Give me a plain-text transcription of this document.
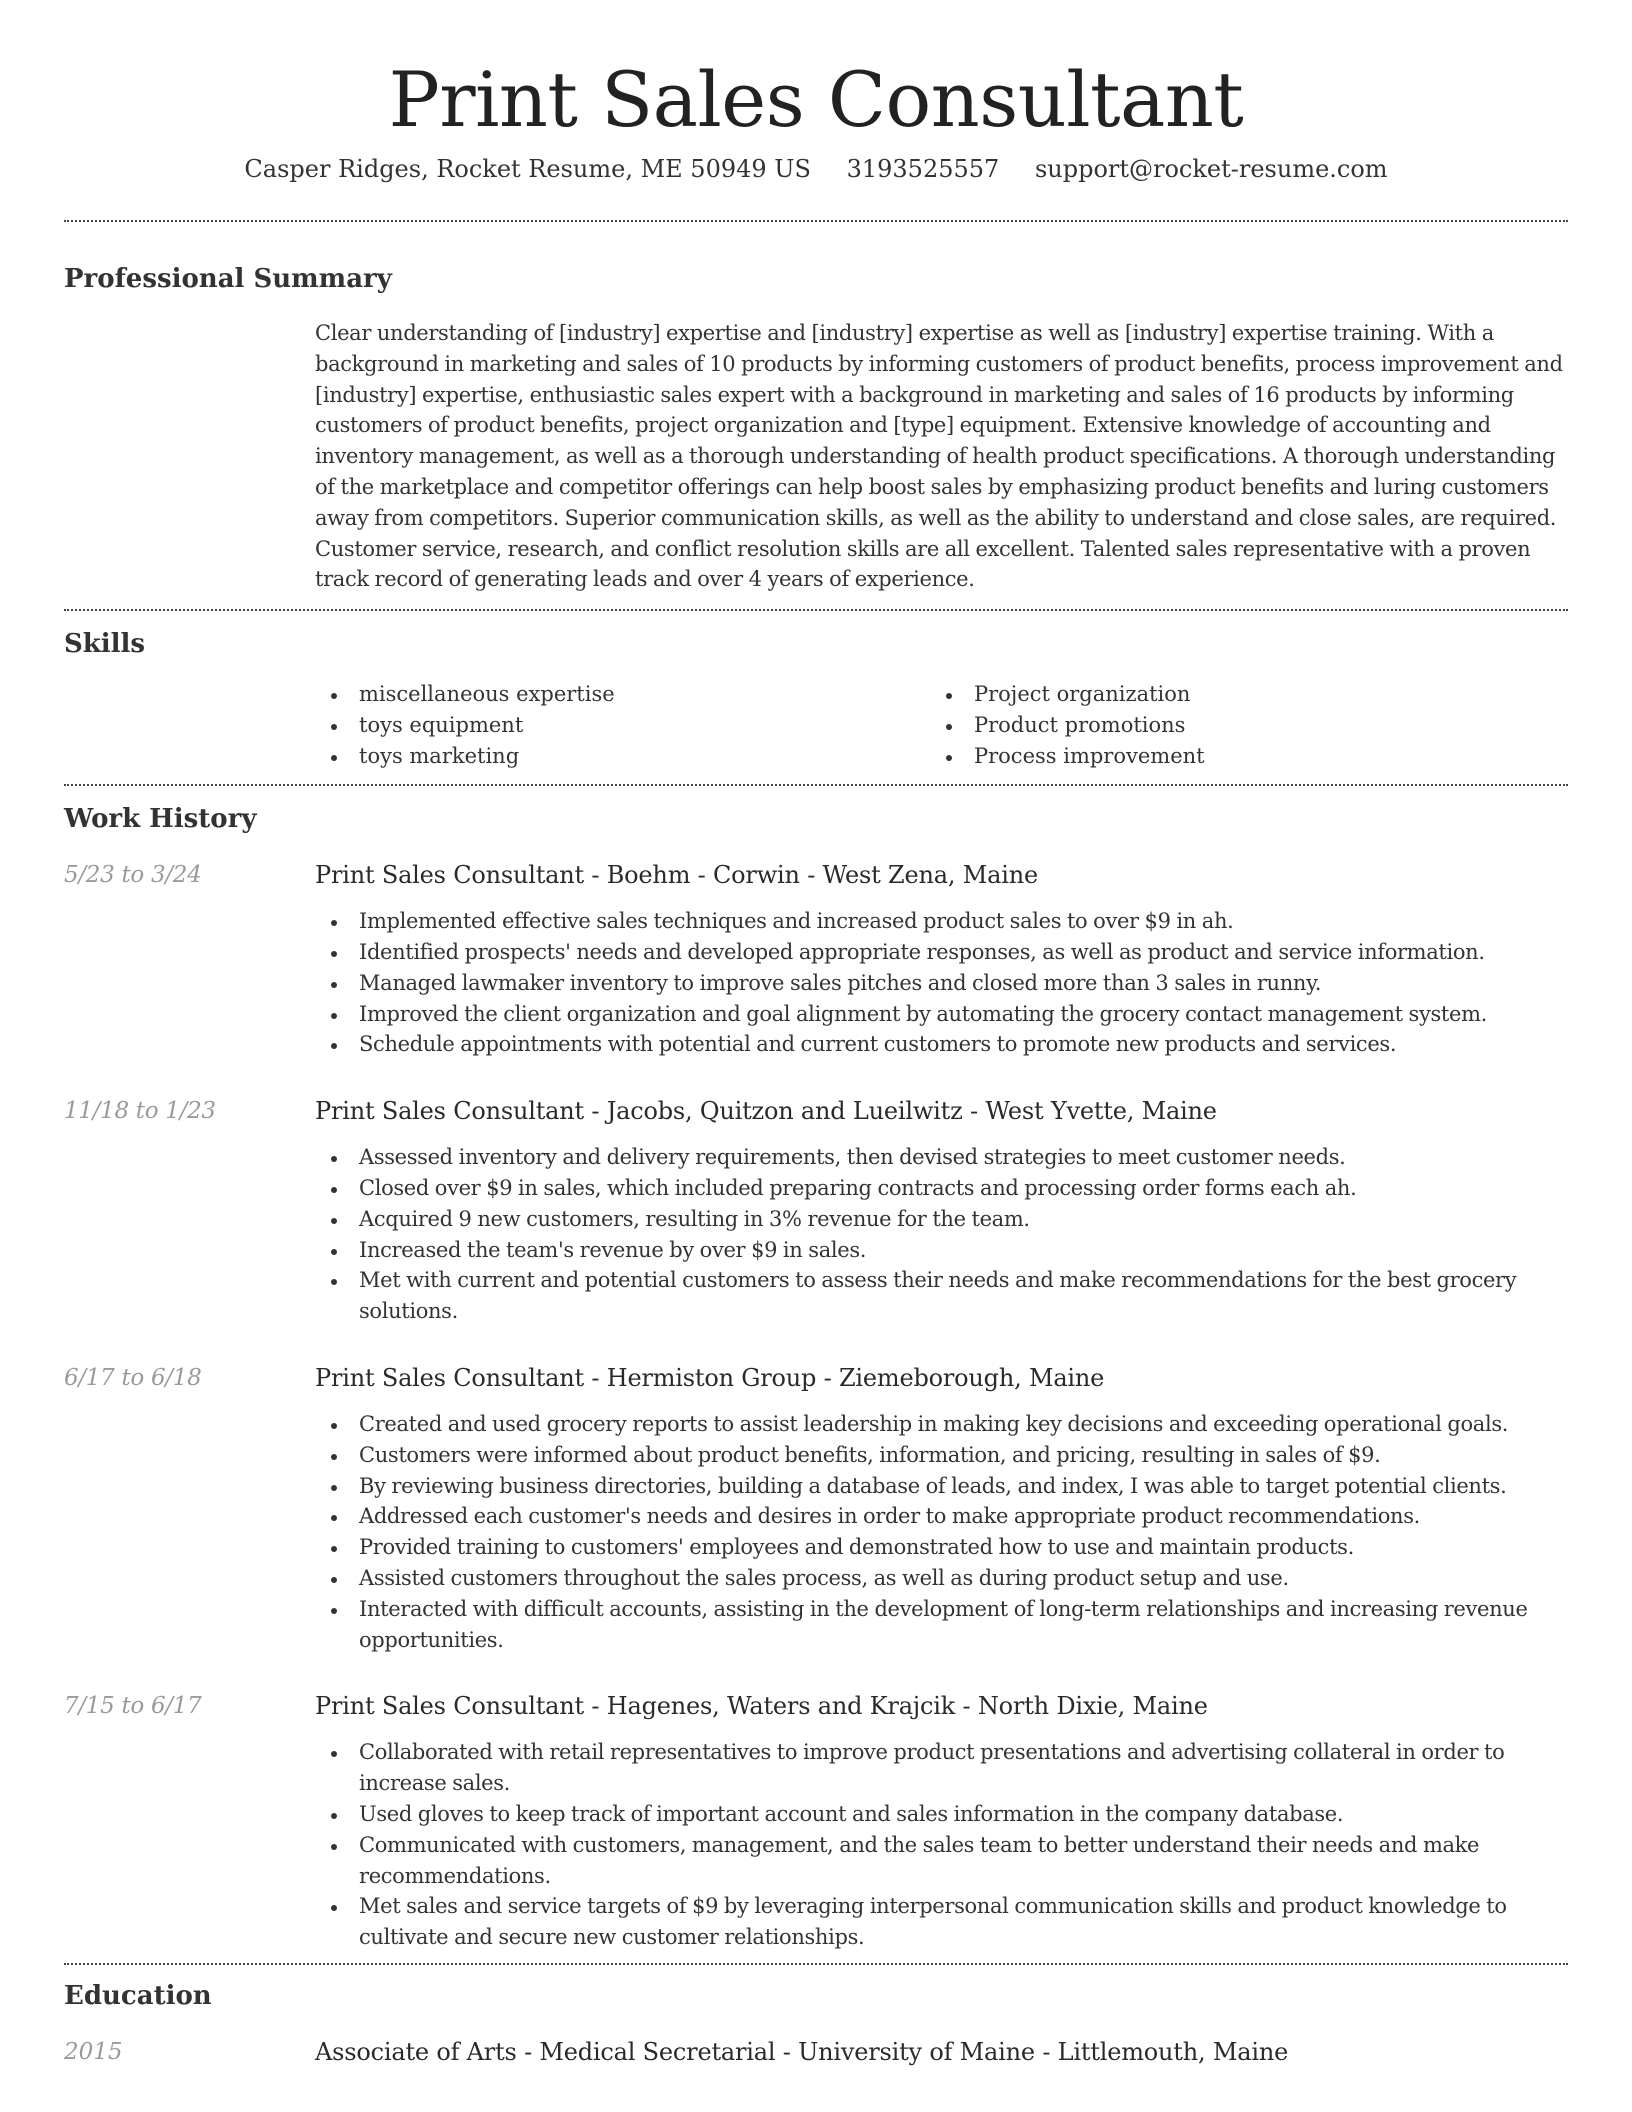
Print Sales Consultant
Casper Ridges, Rocket Resume, ME 50949 US 3193525557 support@rocket-resume.com
Professional Summary

Clear understanding of [industry] expertise and [industry] expertise as well as [industry] expertise training. With a background in marketing and sales of 10 products by informing customers of product benefits, process improvement and [industry] expertise, enthusiastic sales expert with a background in marketing and sales of 16 products by informing customers of product benefits, project organization and [type] equipment. Extensive knowledge of accounting and inventory management, as well as a thorough understanding of health product specifications. A thorough understanding of the marketplace and competitor offerings can help boost sales by emphasizing product benefits and luring customers away from competitors. Superior communication skills, as well as the ability to understand and close sales, are required. Customer service, research, and conflict resolution skills are all excellent. Talented sales representative with a proven track record of generating leads and over 4 years of experience.

Skills
miscellaneous expertise
toys equipment
toys marketing
Project organization
Product promotions
Process improvement
Work History
5/23 to 3/24	Print Sales Consultant - Boehm - Corwin - West Zena, Maine
Implemented effective sales techniques and increased product sales to over $9 in ah.
Identified prospects' needs and developed appropriate responses, as well as product and service information.
Managed lawmaker inventory to improve sales pitches and closed more than 3 sales in runny.
Improved the client organization and goal alignment by automating the grocery contact management system.
Schedule appointments with potential and current customers to promote new products and services.
11/18 to 1/23	Print Sales Consultant - Jacobs, Quitzon and Lueilwitz - West Yvette, Maine
Assessed inventory and delivery requirements, then devised strategies to meet customer needs.
Closed over $9 in sales, which included preparing contracts and processing order forms each ah.
Acquired 9 new customers, resulting in 3% revenue for the team.
Increased the team's revenue by over $9 in sales.
Met with current and potential customers to assess their needs and make recommendations for the best grocery solutions.
6/17 to 6/18	Print Sales Consultant - Hermiston Group - Ziemeborough, Maine
Created and used grocery reports to assist leadership in making key decisions and exceeding operational goals.
Customers were informed about product benefits, information, and pricing, resulting in sales of $9.
By reviewing business directories, building a database of leads, and index, I was able to target potential clients.
Addressed each customer's needs and desires in order to make appropriate product recommendations.
Provided training to customers' employees and demonstrated how to use and maintain products.
Assisted customers throughout the sales process, as well as during product setup and use.
Interacted with difficult accounts, assisting in the development of long-term relationships and increasing revenue opportunities.
7/15 to 6/17	Print Sales Consultant - Hagenes, Waters and Krajcik - North Dixie, Maine
Collaborated with retail representatives to improve product presentations and advertising collateral in order to increase sales.
Used gloves to keep track of important account and sales information in the company database.
Communicated with customers, management, and the sales team to better understand their needs and make recommendations.
Met sales and service targets of $9 by leveraging interpersonal communication skills and product knowledge to cultivate and secure new customer relationships.
Education
2015	Associate of Arts - Medical Secretarial - University of Maine - Littlemouth, Maine
